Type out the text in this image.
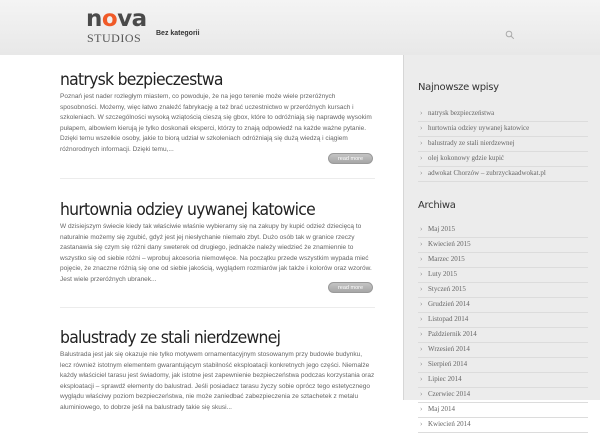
nova
STUDIOS Bez kategorii
natrysk bezpieczestwa
Poznań jest nader rozległym miastem, co powoduje, że na jego terenie może wiele przeróżnych sposobności. Możemy, więc łatwo znaleźć fabrykację a też brać uczestnictwo w przeróżnych kursach i szkoleniach. W szczególności wysoką wziątością cieszą się gbox, które to odróżniają się naprawdę wysokim pułapem, albowiem kierują je tylko doskonali eksperci, którzy to znają odpowiedź na każde ważne pytanie. Dzięki temu wszelkie osoby, jakie to biorą udział w szkoleniach odróżniają się dużą wiedzą i ciągiem różnorodnych informacji. Dzięki temu,...
read more
hurtownia odziey uywanej katowice
W dzisiejszym świecie kiedy tak właściwie właśnie wybieramy się na zakupy by kupić odzież dziecięcą to naturalnie możemy się zgubić, gdyż jest jej niesłychanie niemało zbyt. Dużo osób tak w granice rzeczy zastanawia się czym się różni dany sweterek od drugiego, jednakże należy wiedzieć że znamiennie to wszystko się od siebie różni – wprobuj akcesoria niemowlęce. Na początku przede wszystkim wypada mieć pojęcie, że znaczne różnią się one od siebie jakością, wyglądem rozmiarów jak także i kolorów oraz wzorów. Jest wiele przeróżnych ubranek...
read more
balustrady ze stali nierdzewnej
Balustrada jest jak się okazuje nie tylko motywem ornamentacyjnym stosowanym przy budowie budynku, lecz również istotnym elementem gwarantującym stabilność eksploatacji konkretnych jego części. Niemalże każdy właściciel tarasu jest świadomy, jak istotne jest zapewnienie bezpieczeństwa podczas korzystania oraz eksploatacji – sprawdź elementy do balustrad. Jeśli posiadacz tarasu życzy sobie oprócz tego estetycznego wyglądu właściwy poziom bezpieczeństwa, nie może zaniedbać zabezpieczenia ze sztachetek z metalu aluminiowego, to dobrze jeśli na balustrady takie się skusi...
Najnowsze wpisy
› natrysk bezpieczeństwa
› hurtownia odziey uywanej katowice
› balustrady ze stali nierdzewnej
› olej kokonowy gdzie kupić
› adwokat Chorzów – zubrzyckaadwokat.pl
Archiwa
› Maj 2015
› Kwiecień 2015
› Marzec 2015
› Luty 2015
› Styczeń 2015
› Grudzień 2014
› Listopad 2014
› Październik 2014
› Wrzesień 2014
› Sierpień 2014
› Lipiec 2014
› Czerwiec 2014
› Maj 2014
› Kwiecień 2014
